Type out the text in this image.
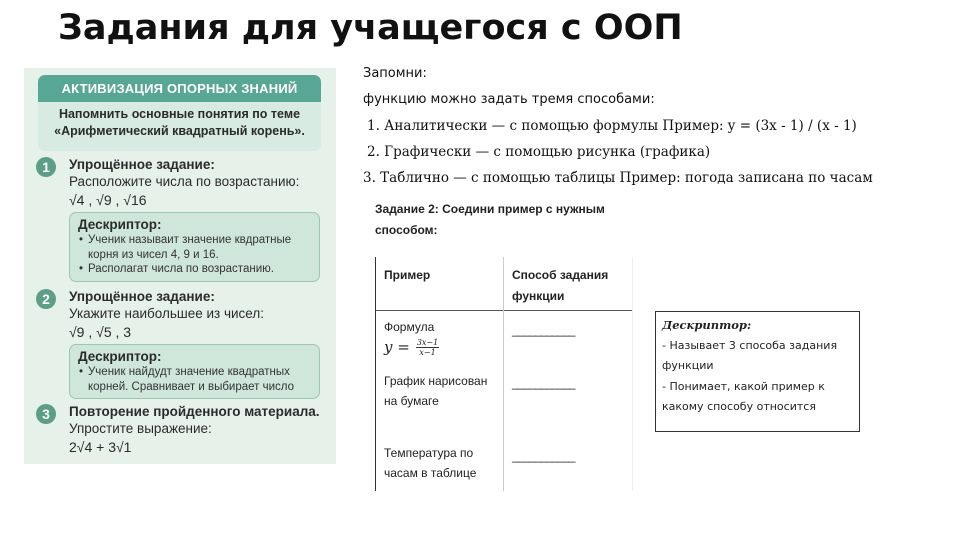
Задания для учащегося с ООП
АКТИВИЗАЦИЯ ОПОРНЫХ ЗНАНИЙ
Напомнить основные понятия по теме
«Арифметический квадратный корень».
1	Упрощённое задание:
Расположите числа по возрастанию:
√4 , √9 , √16
Дескриптор:
• Ученик называит значение квдратные корня из чисел 4, 9 и 16.
• Располагат числа по возрастанию.
2	Упрощённое задание:
Укажите наибольшее из чисел:
√9 , √5 , 3
Дескриптор:
• Ученик найдудт значение квадратных корней. Сравнивает и выбирает число
3	Повторение пройденного материала.
Упростите выражение:
2√4 + 3√1
Запомни:
функцию можно задать тремя способами:
1. Аналитически — с помощью формулы Пример: y = (3x - 1) / (x - 1)
2. Графически — с помощью рисунка (графика)
3. Таблично — с помощью таблицы Пример: погода записана по часам
Задание 2: Соедини пример с нужным способом:
Пример	Способ задания функции
Формула
$y = \frac{3x-1}{x-1}$
___________
График нарисован на бумаге
___________
Температура по часам в таблице
___________
Дескриптор:
- Называет 3 способа задания функции
- Понимает, какой пример к какому способу относится
